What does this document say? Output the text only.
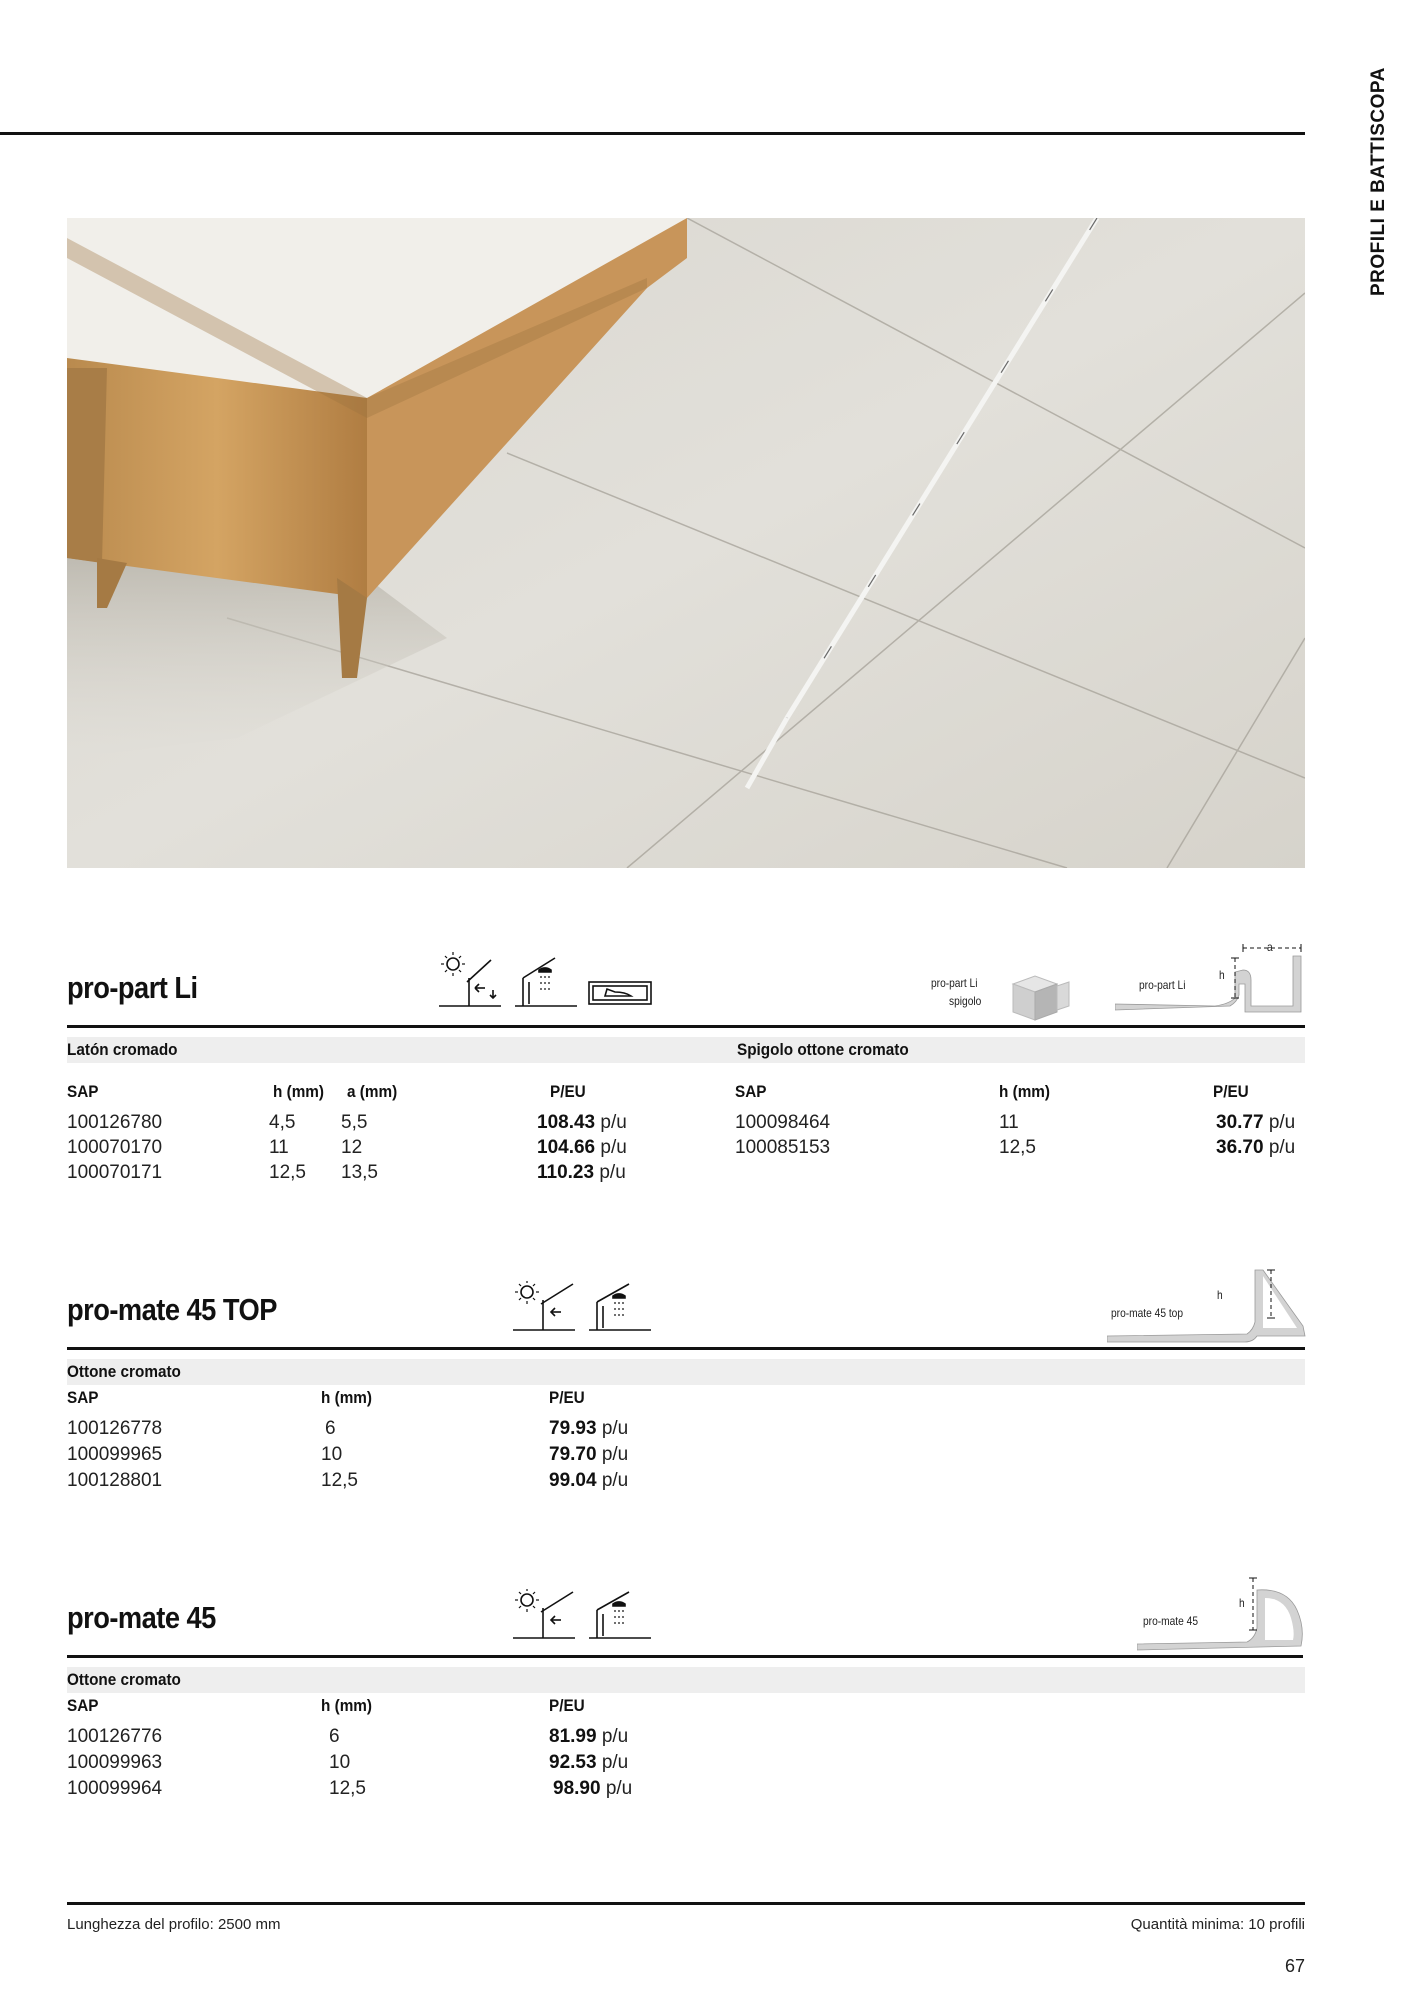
PROFILI E BATTISCOPA
pro-part Li	pro-part Li
spigolo
pro-part Li
h
a
Latón cromado	Spigolo ottone cromato
SAP	h (mm) a (mm)	P/EU	SAP	h (mm)	P/EU
100126780	4,5 5,5	108.43 p/u
100070170	11	12	104.66 p/u
100070171	12,5 13,5	110.23 p/u
100098464	11	30.77 p/u
100085153	12,5	36.70 p/u
pro-mate 45 TOP	pro-mate 45 top
h
Ottone cromato
SAP	h (mm)	P/EU
100126778	6	79.93 p/u
100099965	10	79.70 p/u
100128801	12,5	99.04 p/u
pro-mate 45	pro-mate 45
h
Ottone cromato
SAP	h (mm)	P/EU
100126776	6	81.99 p/u
100099963	10	92.53 p/u
100099964	12,5	98.90 p/u
Lunghezza del profilo: 2500 mm	Quantità minima: 10 profili
67
